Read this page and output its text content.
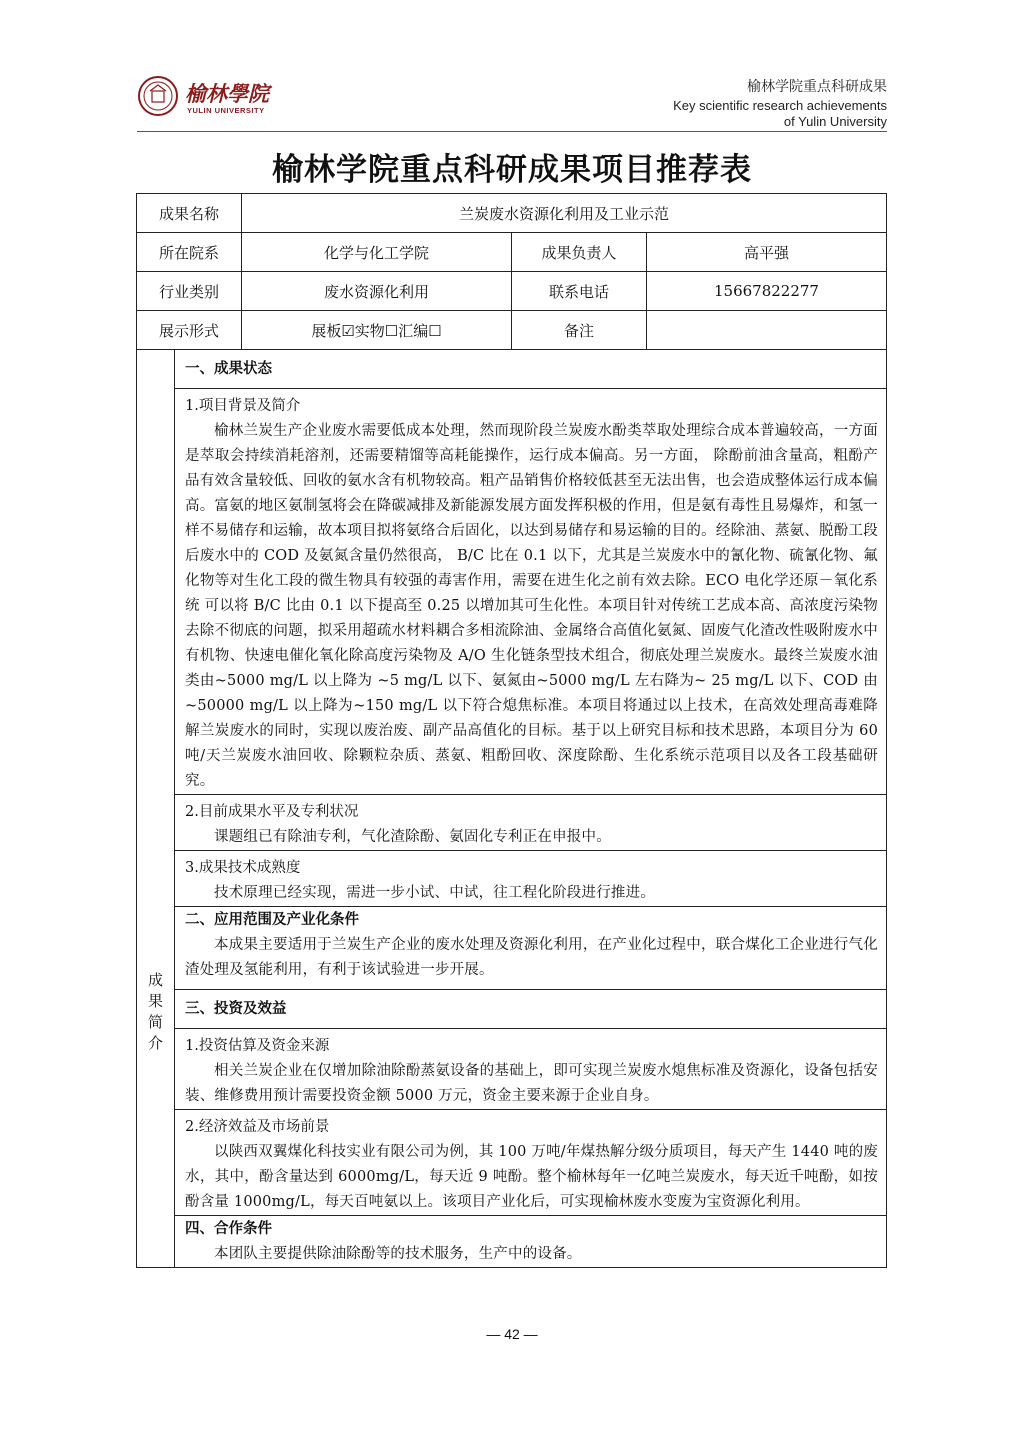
榆林學院
YULIN UNIVERSITY
榆林学院重点科研成果
Key scientific research achievements
of Yulin University
榆林学院重点科研成果项目推荐表
成果名称	兰炭废水资源化利用及工业示范
所在院系	化学与化工学院	成果负责人	高平强
行业类别	废水资源化利用	联系电话	15667822277
展示形式	展板☑实物☐汇编☐	备注
成果简介
一、成果状态
1.项目背景及简介
榆林兰炭生产企业废水需要低成本处理，然而现阶段兰炭废水酚类萃取处理综合成本普遍较高，一方面是萃取会持续消耗溶剂，还需要精馏等高耗能操作，运行成本偏高。另一方面， 除酚前油含量高，粗酚产品有效含量较低、回收的氨水含有机物较高。粗产品销售价格较低甚至无法出售，也会造成整体运行成本偏高。富氨的地区氨制氢将会在降碳减排及新能源发展方面发挥积极的作用，但是氨有毒性且易爆炸，和氢一样不易储存和运输，故本项目拟将氨络合后固化，以达到易储存和易运输的目的。经除油、蒸氨、脱酚工段后废水中的 COD 及氨氮含量仍然很高， B/C 比在 0.1 以下，尤其是兰炭废水中的氰化物、硫氰化物、氟化物等对生化工段的微生物具有较强的毒害作用，需要在进生化之前有效去除。ECO 电化学还原－氧化系统 可以将 B/C 比由 0.1 以下提高至 0.25 以增加其可生化性。本项目针对传统工艺成本高、高浓度污染物去除不彻底的问题，拟采用超疏水材料耦合多相流除油、金属络合高值化氨氮、固废气化渣改性吸附废水中有机物、快速电催化氧化除高度污染物及 A/O 生化链条型技术组合，彻底处理兰炭废水。最终兰炭废水油类由~5000 mg/L 以上降为 ~5 mg/L 以下、氨氮由~5000 mg/L 左右降为~ 25 mg/L 以下、COD 由~50000 mg/L 以上降为~150 mg/L 以下符合熄焦标准。本项目将通过以上技术，在高效处理高毒难降解兰炭废水的同时，实现以废治废、副产品高值化的目标。基于以上研究目标和技术思路，本项目分为 60 吨/天兰炭废水油回收、除颗粒杂质、蒸氨、粗酚回收、深度除酚、生化系统示范项目以及各工段基础研究。
2.目前成果水平及专利状况
课题组已有除油专利，气化渣除酚、氨固化专利正在申报中。
3.成果技术成熟度
技术原理已经实现，需进一步小试、中试，往工程化阶段进行推进。
二、应用范围及产业化条件
本成果主要适用于兰炭生产企业的废水处理及资源化利用，在产业化过程中，联合煤化工企业进行气化渣处理及氢能利用，有利于该试验进一步开展。
三、投资及效益
1.投资估算及资金来源
相关兰炭企业在仅增加除油除酚蒸氨设备的基础上，即可实现兰炭废水熄焦标准及资源化，设备包括安装、维修费用预计需要投资金额 5000 万元，资金主要来源于企业自身。
2.经济效益及市场前景
以陕西双翼煤化科技实业有限公司为例，其 100 万吨/年煤热解分级分质项目，每天产生 1440 吨的废水，其中，酚含量达到 6000mg/L，每天近 9 吨酚。整个榆林每年一亿吨兰炭废水，每天近千吨酚，如按酚含量 1000mg/L，每天百吨氨以上。该项目产业化后，可实现榆林废水变废为宝资源化利用。
四、合作条件
本团队主要提供除油除酚等的技术服务，生产中的设备。
— 42 —
